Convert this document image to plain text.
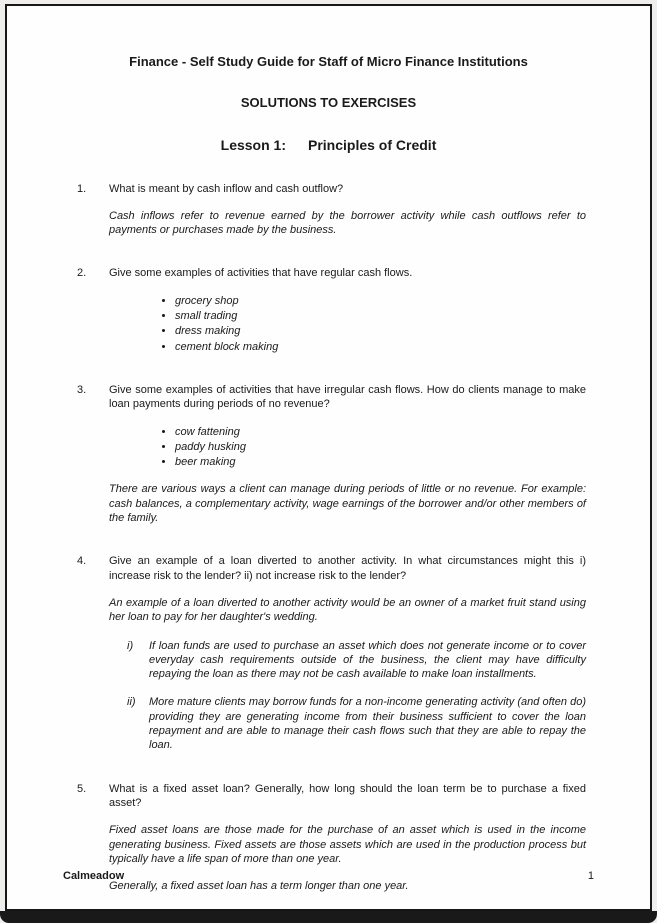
Finance - Self Study Guide for Staff of Micro Finance Institutions
SOLUTIONS TO EXERCISES
Lesson 1: Principles of Credit
1.	What is meant by cash inflow and cash outflow?

Cash inflows refer to revenue earned by the borrower activity while cash outflows refer to payments or purchases made by the business.

2.	Give some examples of activities that have regular cash flows.

• grocery shop
• small trading
• dress making
• cement block making
3.	Give some examples of activities that have irregular cash flows. How do clients manage to make loan payments during periods of no revenue?

• cow fattening
• paddy husking
• beer making

There are various ways a client can manage during periods of little or no revenue. For example: cash balances, a complementary activity, wage earnings of the borrower and/or other members of the family.

4.	Give an example of a loan diverted to another activity. In what circumstances might this i) increase risk to the lender? ii) not increase risk to the lender?

An example of a loan diverted to another activity would be an owner of a market fruit stand using her loan to pay for her daughter's wedding.

i)	If loan funds are used to purchase an asset which does not generate income or to cover everyday cash requirements outside of the business, the client may have difficulty repaying the loan as there may not be cash available to make loan installments.

ii)	More mature clients may borrow funds for a non-income generating activity (and often do) providing they are generating income from their business sufficient to cover the loan repayment and are able to manage their cash flows such that they are able to repay the loan.

5.	What is a fixed asset loan? Generally, how long should the loan term be to purchase a fixed asset?

Fixed asset loans are those made for the purchase of an asset which is used in the income generating business. Fixed assets are those assets which are used in the production process but typically have a life span of more than one year.

Generally, a fixed asset loan has a term longer than one year.

Calmeadow	1
